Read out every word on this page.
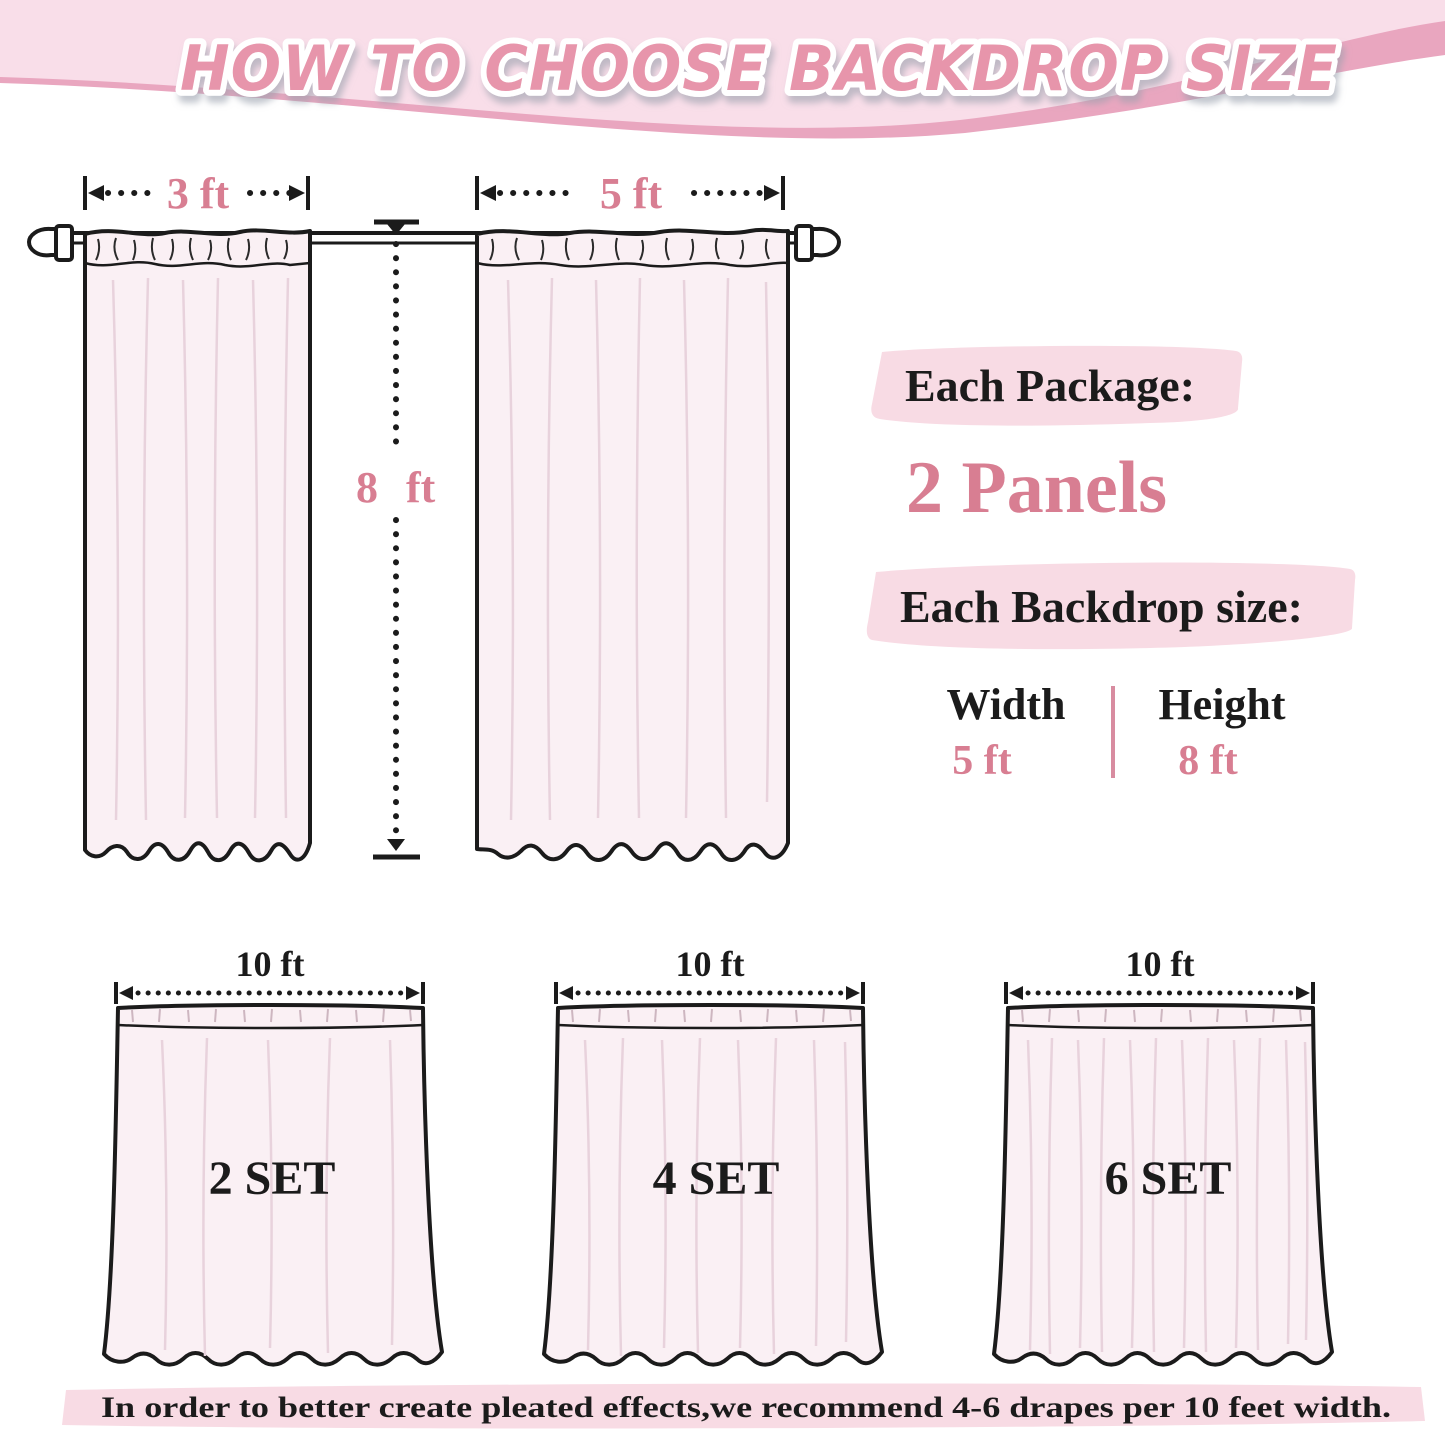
HOW TO CHOOSE BACKDROP SIZE
3 ft	5 ft
8 ft
Each Package:
2 Panels
Each Backdrop size:
Width
5 ft
Height
8 ft
10 ft
2 SET
10 ft
4 SET
10 ft
6 SET
In order to better create pleated effects,we recommend 4-6 drapes per 10 feet width.
